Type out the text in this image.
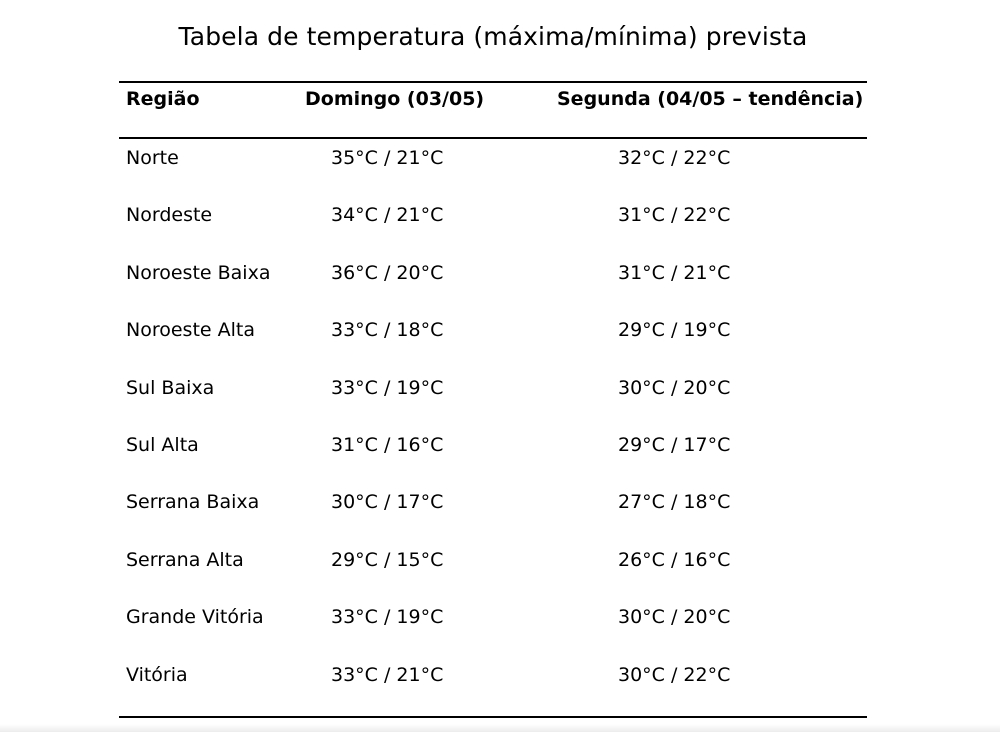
Tabela de temperatura (máxima/mínima) prevista
Região	Domingo (03/05)	Segunda (04/05 – tendência)
Norte	35°C / 21°C	32°C / 22°C
Nordeste	34°C / 21°C	31°C / 22°C
Noroeste Baixa	36°C / 20°C	31°C / 21°C
Noroeste Alta	33°C / 18°C	29°C / 19°C
Sul Baixa	33°C / 19°C	30°C / 20°C
Sul Alta	31°C / 16°C	29°C / 17°C
Serrana Baixa	30°C / 17°C	27°C / 18°C
Serrana Alta	29°C / 15°C	26°C / 16°C
Grande Vitória	33°C / 19°C	30°C / 20°C
Vitória	33°C / 21°C	30°C / 22°C
